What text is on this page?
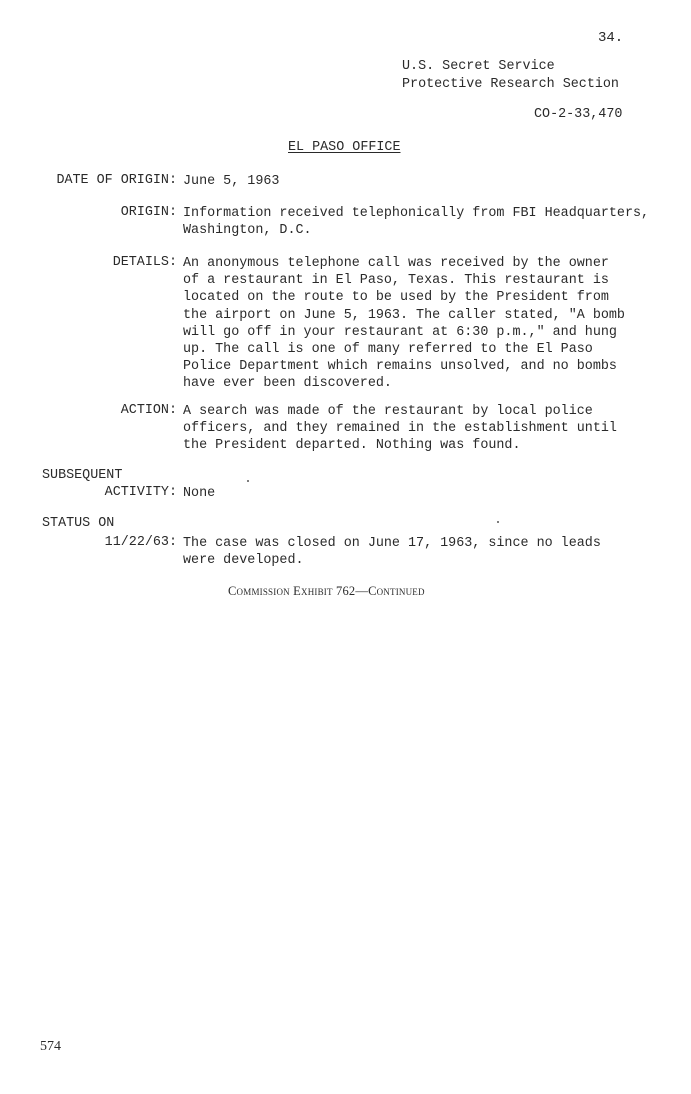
34.
U.S. Secret Service
Protective Research Section
CO-2-33,470
EL PASO OFFICE
DATE OF ORIGIN: June 5, 1963
ORIGIN: Information received telephonically from FBI Headquarters,
Washington, D.C.
DETAILS: An anonymous telephone call was received by the owner
of a restaurant in El Paso, Texas. This restaurant is
located on the route to be used by the President from
the airport on June 5, 1963. The caller stated, "A bomb
will go off in your restaurant at 6:30 p.m.," and hung
up. The call is one of many referred to the El Paso
Police Department which remains unsolved, and no bombs
have ever been discovered.
ACTION: A search was made of the restaurant by local police
officers, and they remained in the establishment until
the President departed. Nothing was found.
SUBSEQUENT
ACTIVITY: None
STATUS ON
11/22/63: The case was closed on June 17, 1963, since no leads
were developed.
Commission Exhibit 762—Continued
574
